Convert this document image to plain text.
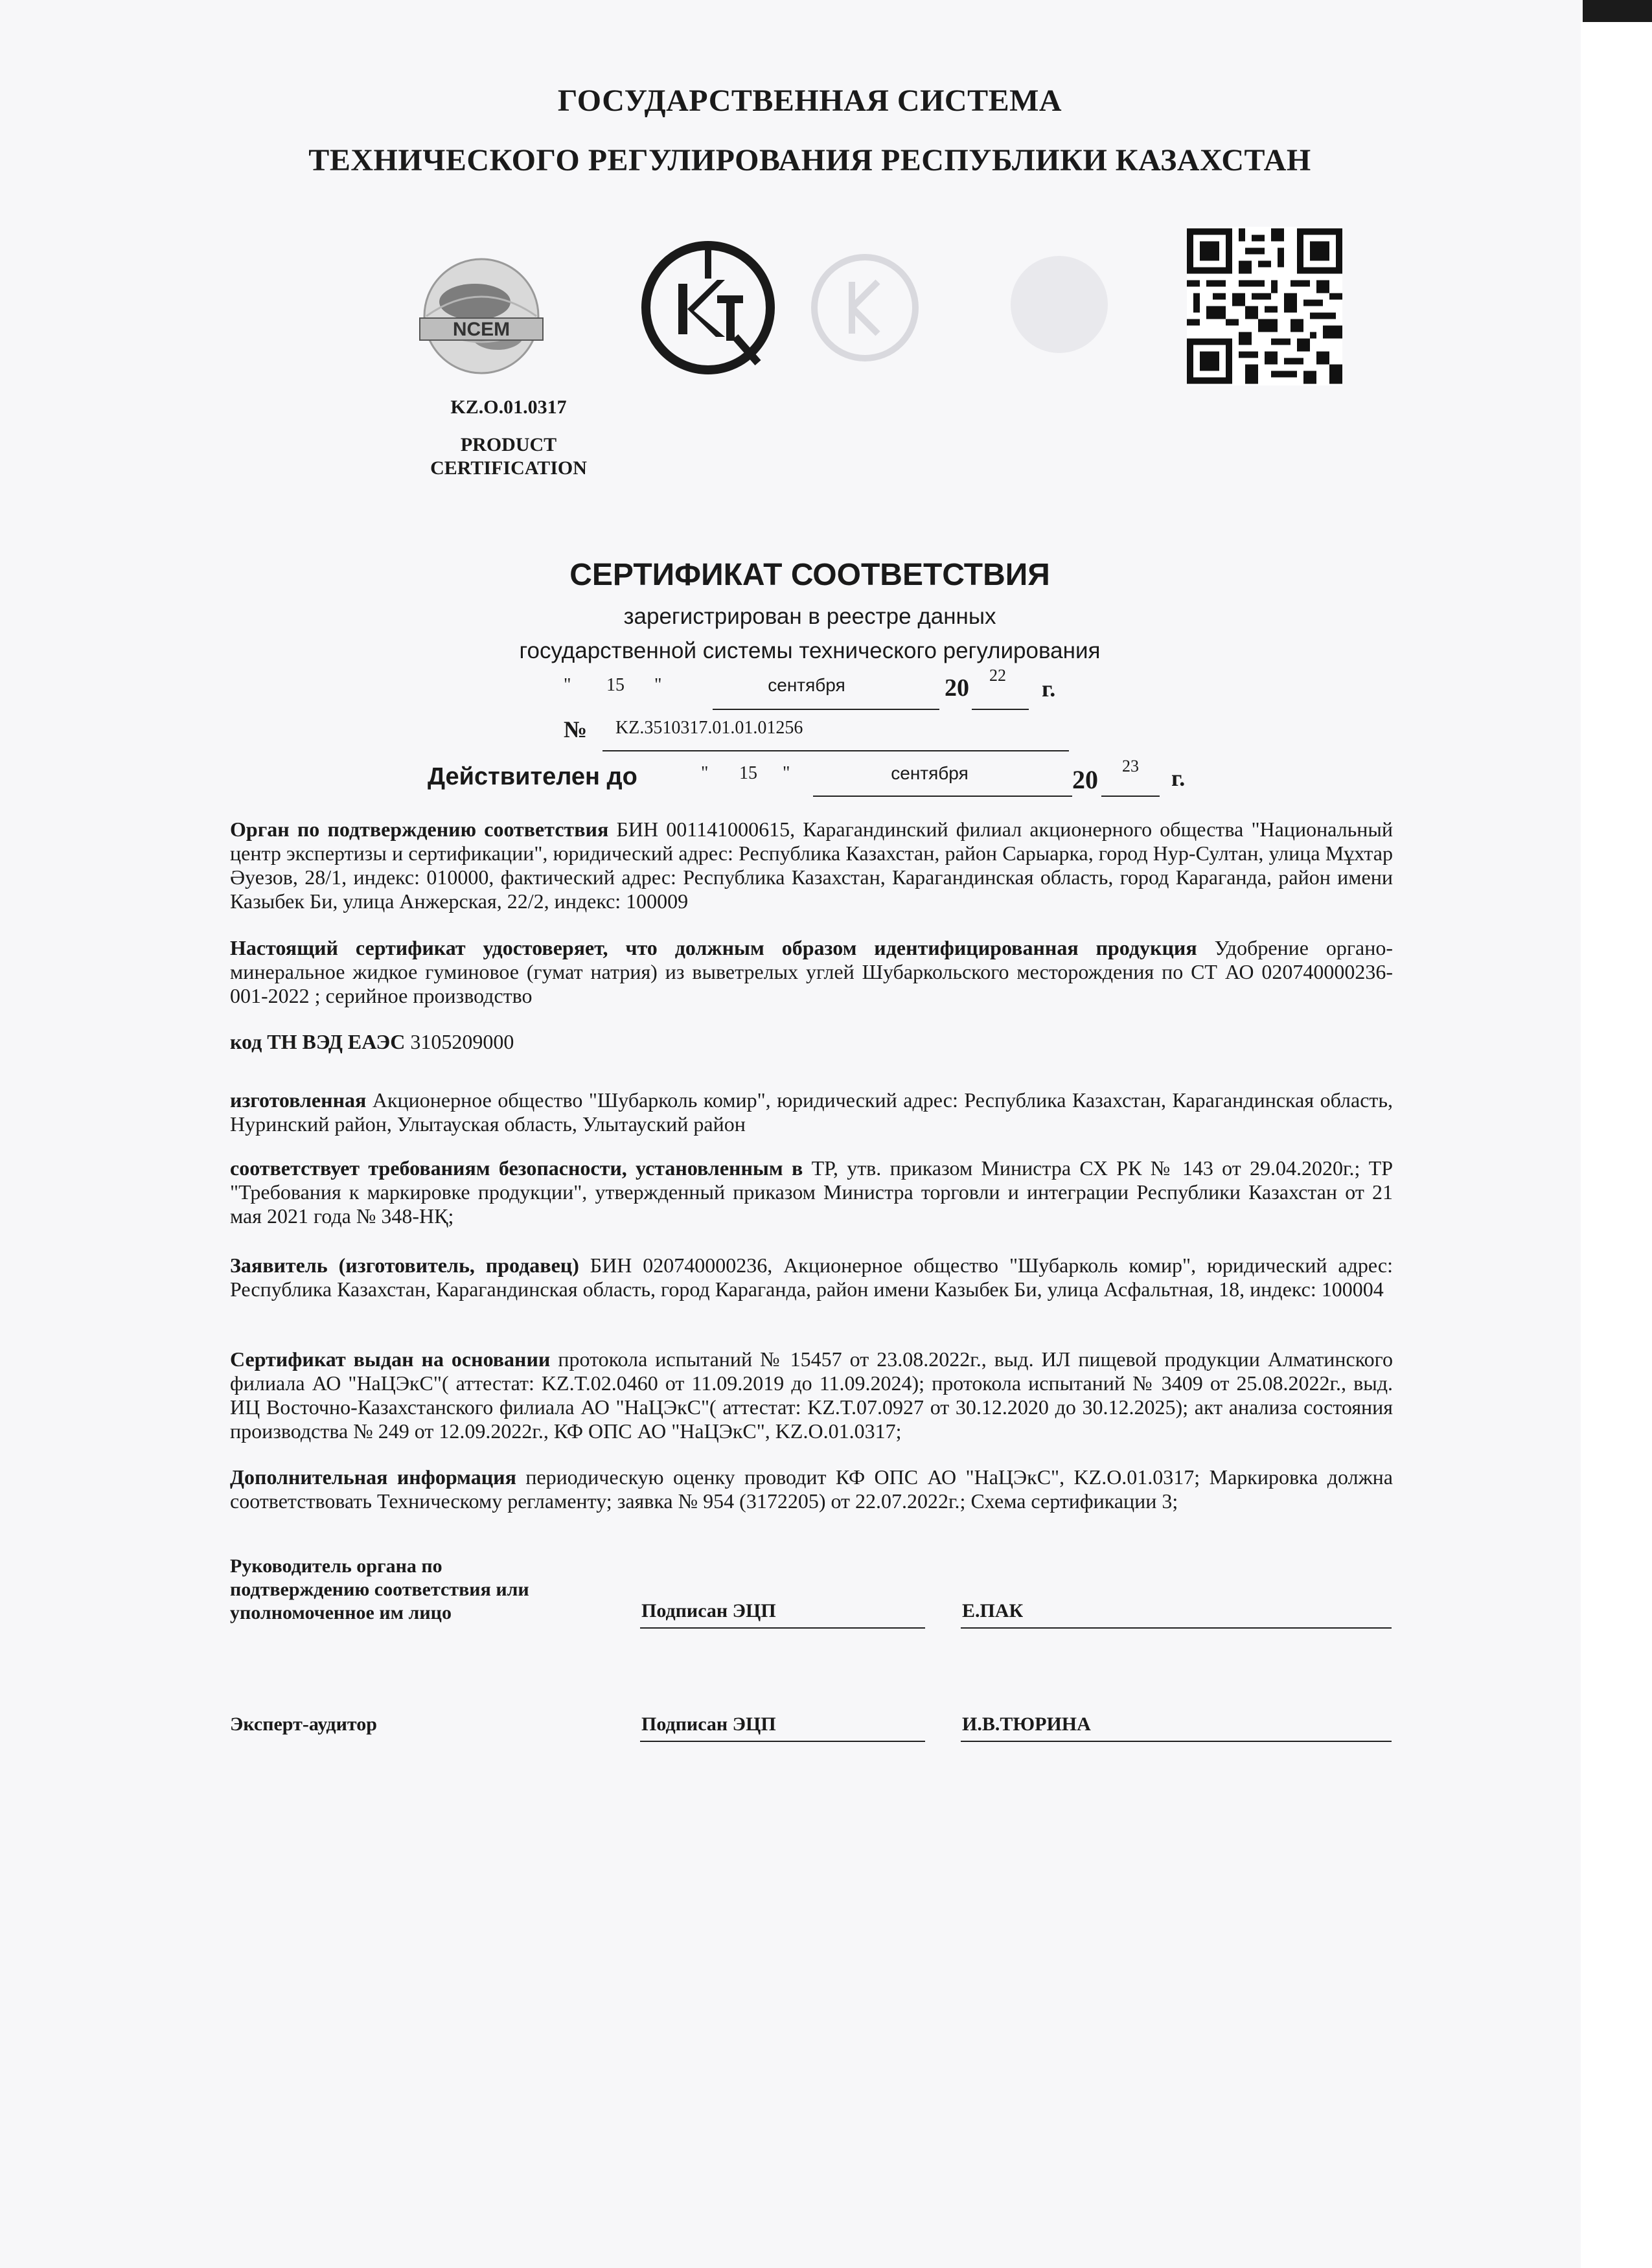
ГОСУДАРСТВЕННАЯ СИСТЕМА
ТЕХНИЧЕСКОГО РЕГУЛИРОВАНИЯ РЕСПУБЛИКИ КАЗАХСТАН
NCEM
KZ.O.01.0317
PRODUCT
CERTIFICATION
СЕРТИФИКАТ СООТВЕТСТВИЯ
зарегистрирован в реестре данных
государственной системы технического регулирования
"	15	"	сентября	20	22
г.
№ KZ.3510317.01.01.01256
Действителен до	"	15	"	сентября	20	23	г.
Орган по подтверждению соответствия БИН 001141000615, Карагандинский филиал акционерного общества "Национальный центр экспертизы и сертификации", юридический адрес: Республика Казахстан, район Сарыарка, город Нур-Султан, улица Мұхтар Әуезов, 28/1, индекс: 010000, фактический адрес: Республика Казахстан, Карагандинская область, город Караганда, район имени Казыбек Би, улица Анжерская, 22/2, индекс: 100009
Настоящий сертификат удостоверяет, что должным образом идентифицированная продукция Удобрение органо-минеральное жидкое гуминовое (гумат натрия) из выветрелых углей Шубаркольского месторождения по СТ АО 020740000236-001-2022 ; серийное производство
код ТН ВЭД ЕАЭС 3105209000
изготовленная Акционерное общество "Шубарколь комир", юридический адрес: Республика Казахстан, Карагандинская область, Нуринский район, Улытауская область, Улытауский район
соответствует требованиям безопасности, установленным в ТР, утв. приказом Министра СХ РК № 143 от 29.04.2020г.; ТР "Требования к маркировке продукции", утвержденный приказом Министра торговли и интеграции Республики Казахстан от 21 мая 2021 года № 348-НҚ;
Заявитель (изготовитель, продавец) БИН 020740000236, Акционерное общество "Шубарколь комир", юридический адрес: Республика Казахстан, Карагандинская область, город Караганда, район имени Казыбек Би, улица Асфальтная, 18, индекс: 100004
Сертификат выдан на основании протокола испытаний № 15457 от 23.08.2022г., выд. ИЛ пищевой продукции Алматинского филиала АО "НаЦЭкС"( аттестат: KZ.T.02.0460 от 11.09.2019 до 11.09.2024); протокола испытаний № 3409 от 25.08.2022г., выд. ИЦ Восточно-Казахстанского филиала АО "НаЦЭкС"( аттестат: KZ.T.07.0927 от 30.12.2020 до 30.12.2025); акт анализа состояния производства № 249 от 12.09.2022г., КФ ОПС АО "НаЦЭкС", KZ.O.01.0317;
Дополнительная информация периодическую оценку проводит КФ ОПС АО "НаЦЭкС", KZ.O.01.0317; Маркировка должна соответствовать Техническому регламенту; заявка № 954 (3172205) от 22.07.2022г.; Схема сертификации 3;
Руководитель органа по
подтверждению соответствия или
уполномоченное им лицо	Подписан ЭЦП	Е.ПАК
Эксперт-аудитор	Подписан ЭЦП	И.В.ТЮРИНА
